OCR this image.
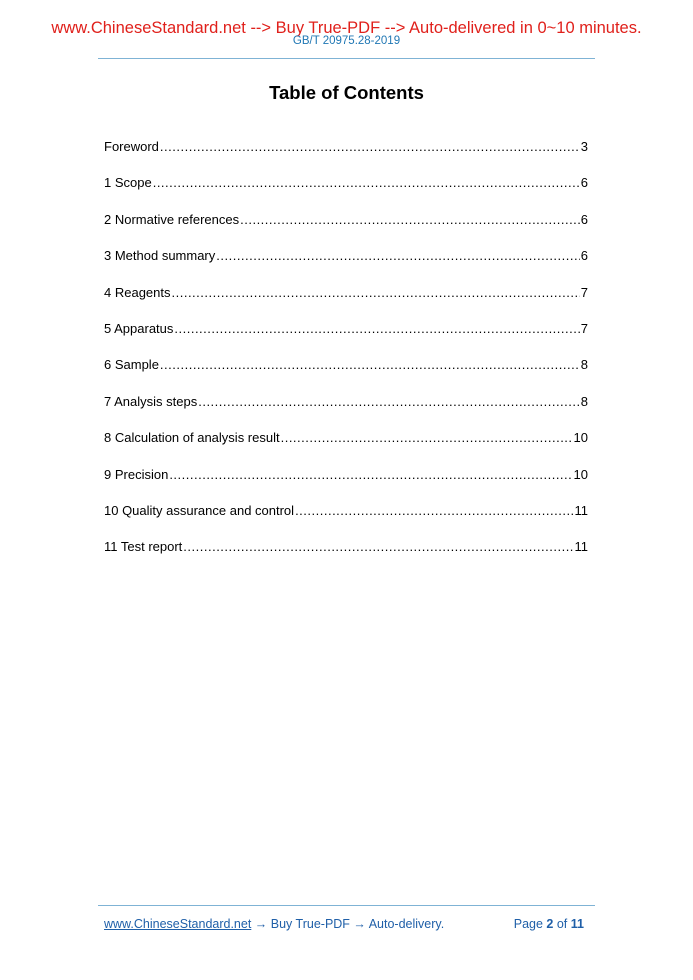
www.ChineseStandard.net --> Buy True-PDF --> Auto-delivered in 0~10 minutes.
GB/T 20975.28-2019
Table of Contents
Foreword .....	3
1 Scope .....	6
2 Normative references .....	6
3 Method summary .....	6
4 Reagents .....	7
5 Apparatus .....	7
6 Sample .....	8
7 Analysis steps .....	8
8 Calculation of analysis result .....	10
9 Precision .....	10
10 Quality assurance and control .....	11
11 Test report .....	11
www.ChineseStandard.net → Buy True-PDF → Auto-delivery.	Page 2 of 11
